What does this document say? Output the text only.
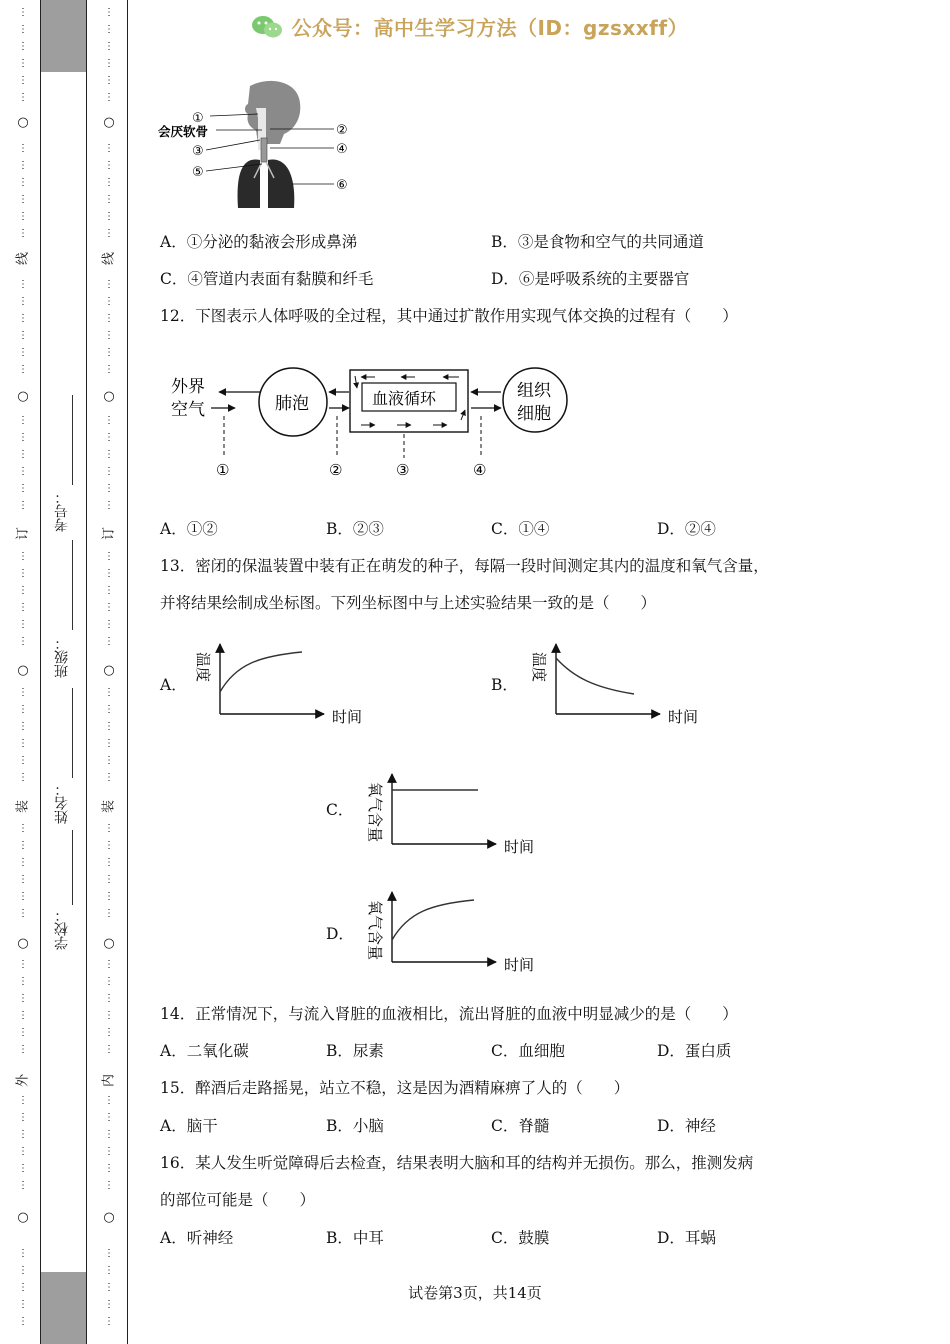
○
○
○
○
○
线
订
装
外
⋮
⋮
⋮
⋮
⋮
⋮
⋮
⋮
⋮
⋮
⋮
⋮
⋮
⋮
⋮
⋮
⋮
⋮
⋮
⋮
⋮
⋮
⋮
⋮
⋮
⋮
⋮
⋮
⋮
⋮
⋮
⋮
⋮
⋮
⋮
⋮
⋮
⋮
⋮
⋮
⋮
⋮
⋮
⋮
⋮
⋮
⋮
⋮
⋮
⋮
⋮
⋮
⋮
⋮
⋮
⋮
⋮
⋮
⋮
○
○
○
○
○
线
订
装
内
⋮
⋮
⋮
⋮
⋮
⋮
⋮
⋮
⋮
⋮
⋮
⋮
⋮
⋮
⋮
⋮
⋮
⋮
⋮
⋮
⋮
⋮
⋮
⋮
⋮
⋮
⋮
⋮
⋮
⋮
⋮
⋮
⋮
⋮
⋮
⋮
⋮
⋮
⋮
⋮
⋮
⋮
⋮
⋮
⋮
⋮
⋮
⋮
⋮
⋮
⋮
⋮
⋮
⋮
⋮
⋮
⋮
⋮
⋮
考号：
班级：
姓名：
学校：
公众号：高中生学习方法（ID：gzsxxff）
①
会厌软骨
③
⑤
②
④
⑥
A．①分泌的黏液会形成鼻涕	B．③是食物和空气的共同通道
C．④管道内表面有黏膜和纤毛	D．⑥是呼吸系统的主要器官
12．下图表示人体呼吸的全过程，其中通过扩散作用实现气体交换的过程有（　　）
外界
空气	肺泡	血液循环	组织
细胞
①	②	③	④
A．①②	B．②③	C．①④	D．②④
13．密闭的保温装置中装有正在萌发的种子，每隔一段时间测定其内的温度和氧气含量，
并将结果绘制成坐标图。下列坐标图中与上述实验结果一致的是（　　）
A．	B．
C．
D．
温度
时间
温度
时间
氧气含量
时间
氧气含量
时间
14．正常情况下，与流入肾脏的血液相比，流出肾脏的血液中明显减少的是（　　）
A．二氧化碳	B．尿素	C．血细胞	D．蛋白质
15．醉酒后走路摇晃，站立不稳，这是因为酒精麻痹了人的（　　）
A．脑干	B．小脑	C．脊髓	D．神经
16．某人发生听觉障碍后去检查，结果表明大脑和耳的结构并无损伤。那么，推测发病
的部位可能是（　　）
A．听神经	B．中耳	C．鼓膜	D．耳蜗
试卷第3页，共14页
